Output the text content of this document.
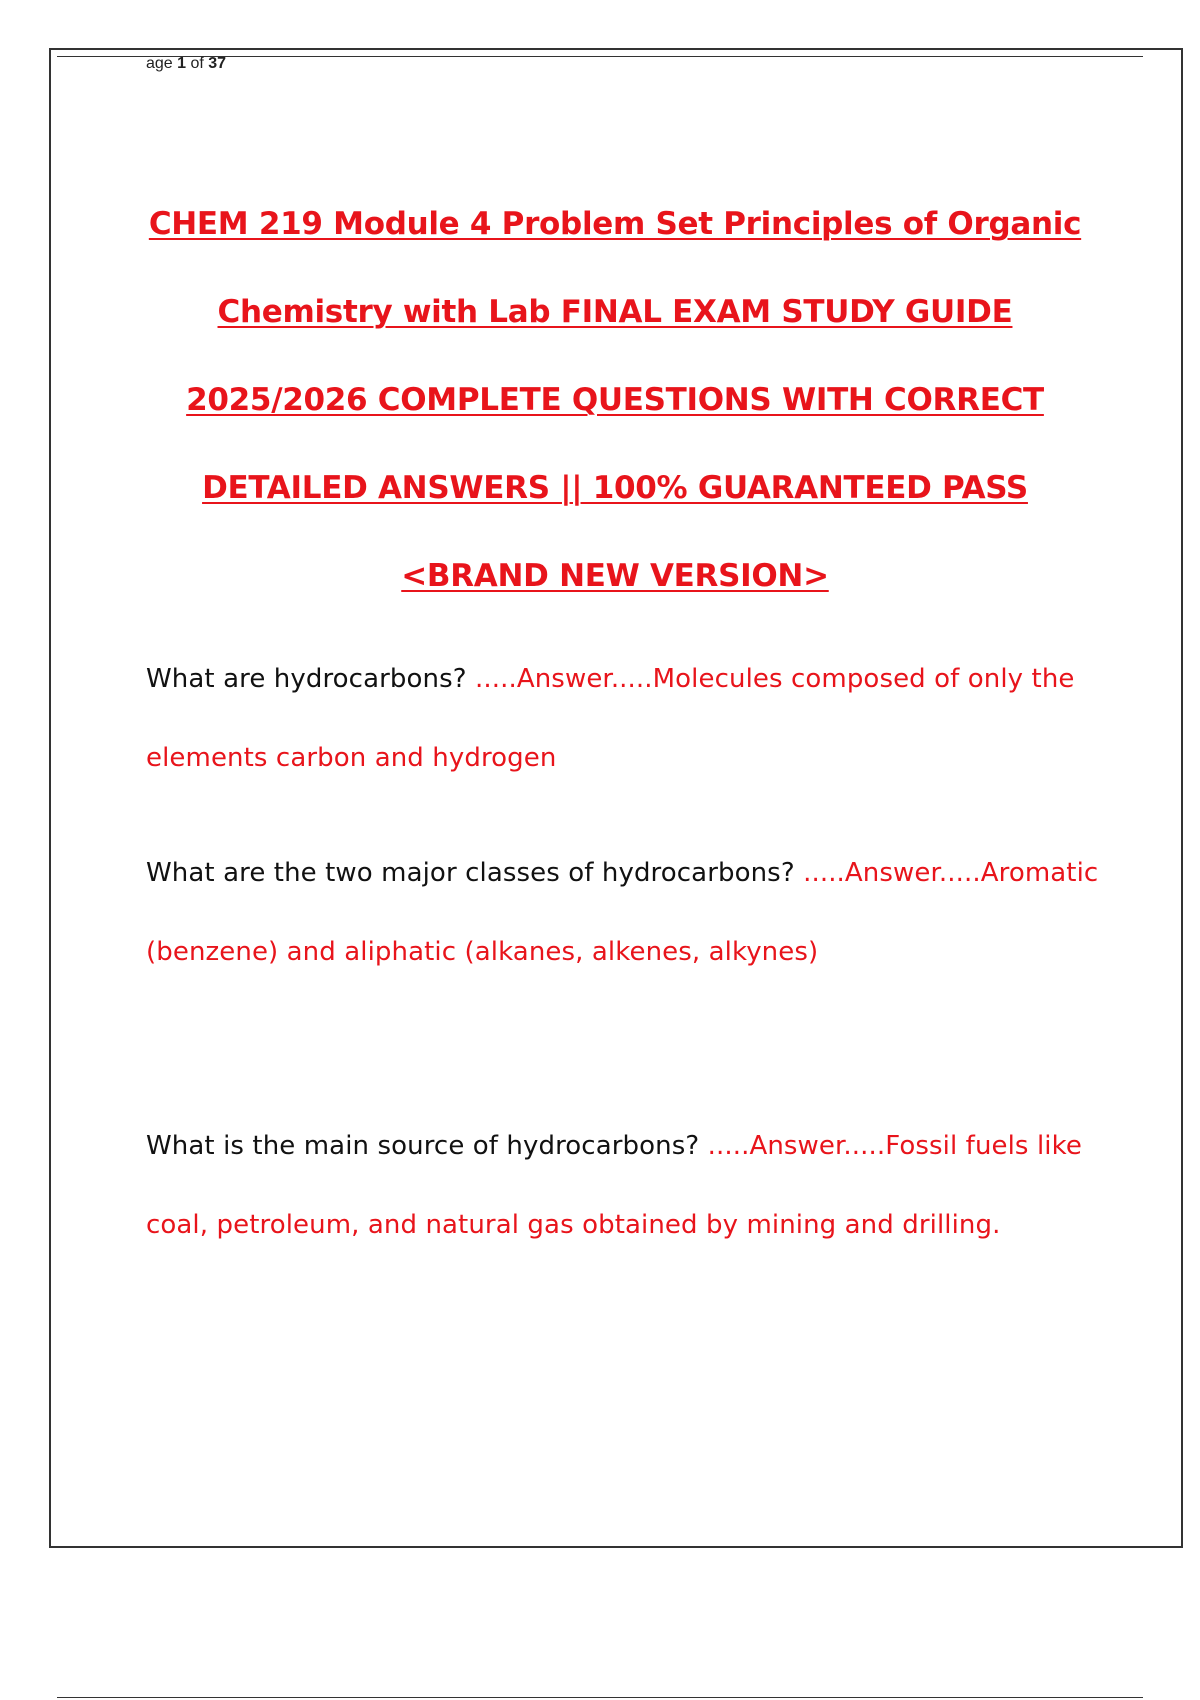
age 1 of 37
CHEM 219 Module 4 Problem Set Principles of Organic
Chemistry with Lab FINAL EXAM STUDY GUIDE
2025/2026 COMPLETE QUESTIONS WITH CORRECT
DETAILED ANSWERS || 100% GUARANTEED PASS
<BRAND NEW VERSION>
What are hydrocarbons? .....Answer.....Molecules composed of only the elements carbon and hydrogen
What are the two major classes of hydrocarbons? .....Answer.....Aromatic (benzene) and aliphatic (alkanes, alkenes, alkynes)
What is the main source of hydrocarbons? .....Answer.....Fossil fuels like coal, petroleum, and natural gas obtained by mining and drilling.
